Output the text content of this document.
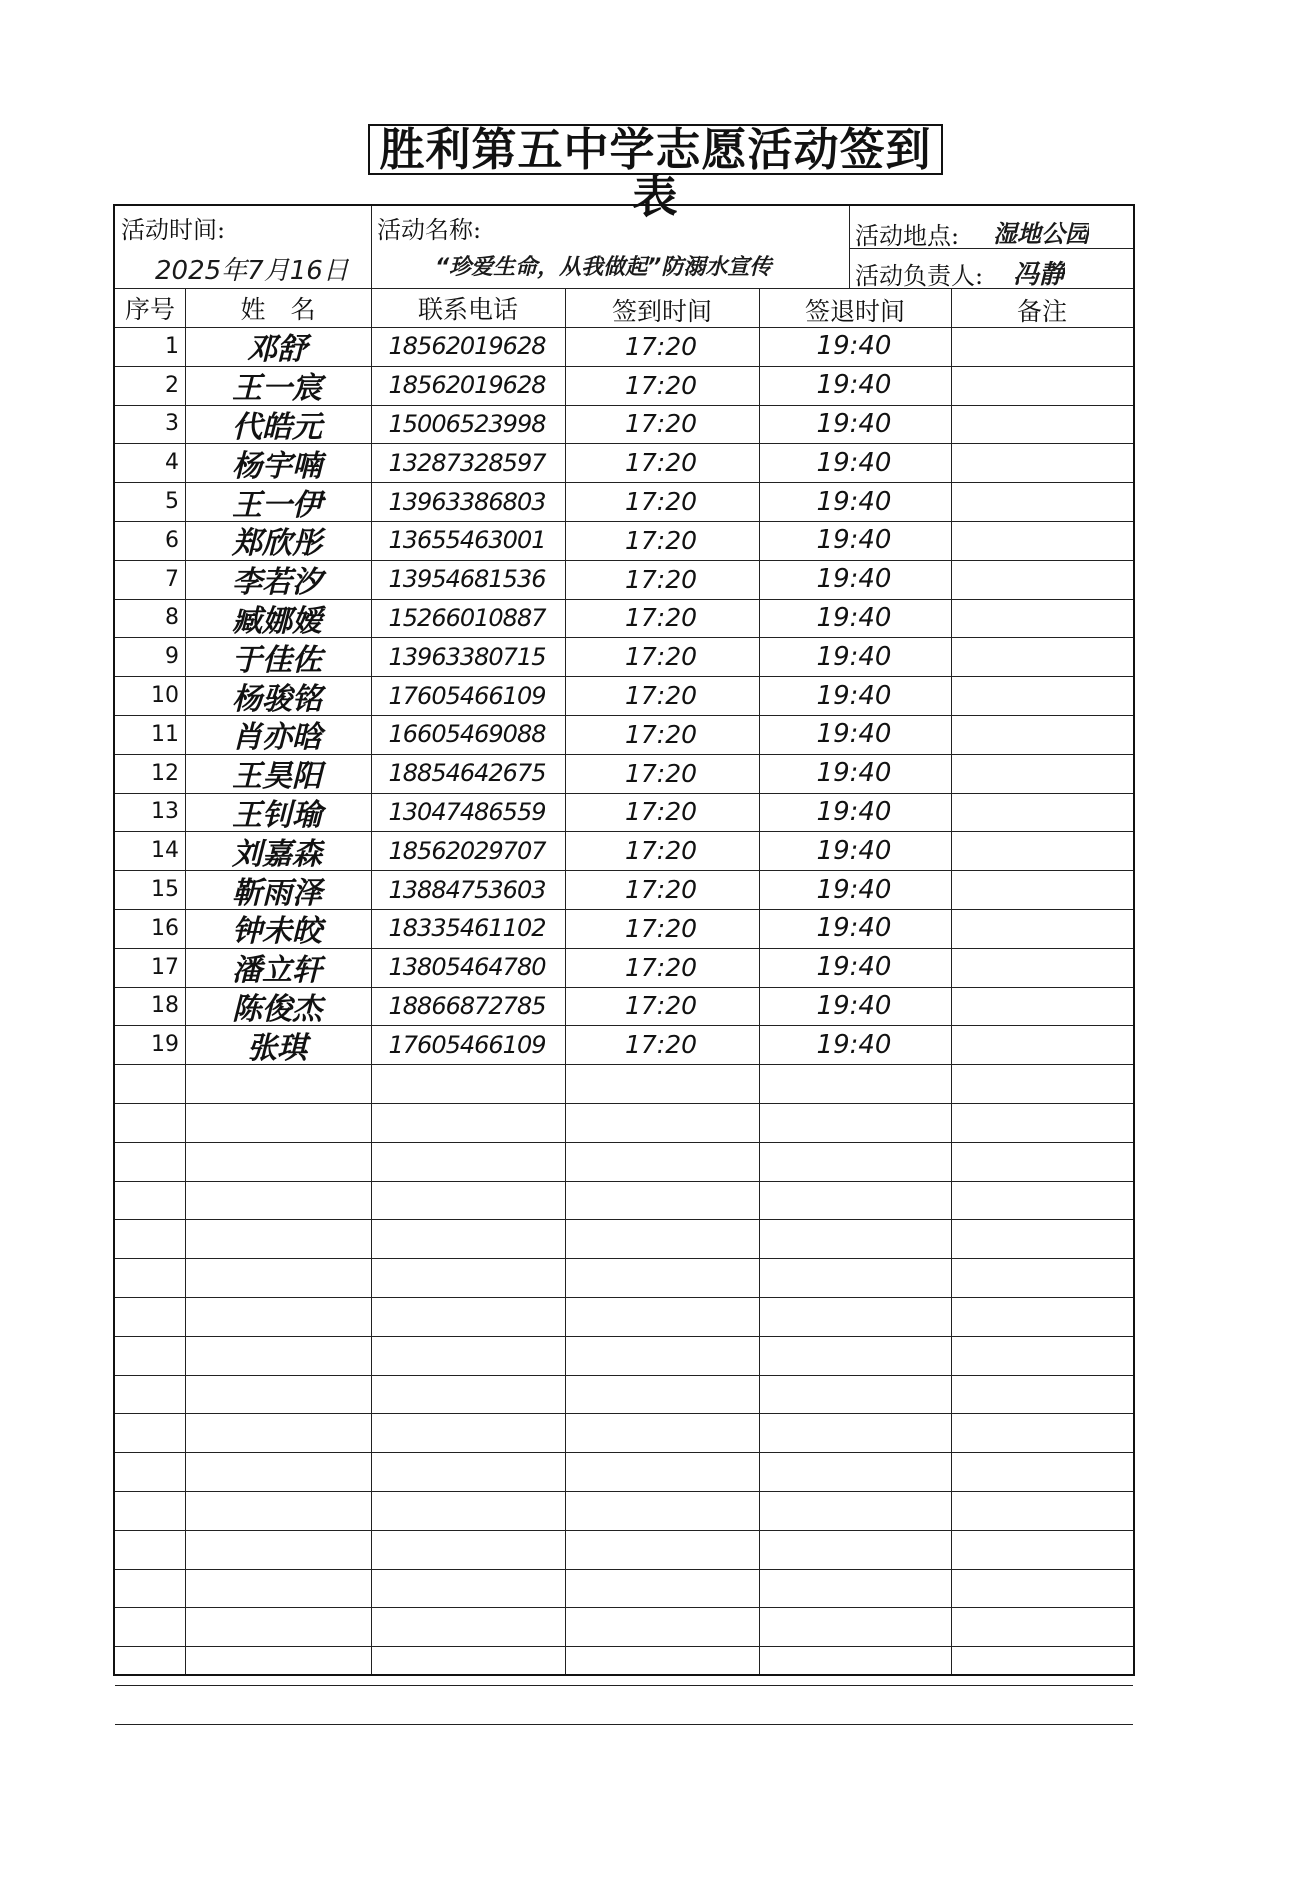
胜利第五中学志愿活动签到表
活动时间:
2025年7月16日
活动名称:
“珍爱生命，从我做起”防溺水宣传
活动地点: 湿地公园
活动负责人: 冯静
序号	姓　名	联系电话	签到时间	签退时间	备注
1	邓舒	18562019628	17:20	19:40
2	王一宸	18562019628	17:20	19:40
3	代皓元	15006523998	17:20	19:40
4	杨宇喃	13287328597	17:20	19:40
5	王一伊	13963386803	17:20	19:40
6	郑欣彤	13655463001	17:20	19:40
7	李若汐	13954681536	17:20	19:40
8	臧娜嫒	15266010887	17:20	19:40
9	于佳佐	13963380715	17:20	19:40
10	杨骏铭	17605466109	17:20	19:40
11	肖亦晗	16605469088	17:20	19:40
12	王昊阳	18854642675	17:20	19:40
13	王钊瑜	13047486559	17:20	19:40
14	刘嘉森	18562029707	17:20	19:40
15	靳雨泽	13884753603	17:20	19:40
16	钟未皎	18335461102	17:20	19:40
17	潘立轩	13805464780	17:20	19:40
18	陈俊杰	18866872785	17:20	19:40
19	张琪	17605466109	17:20	19:40
